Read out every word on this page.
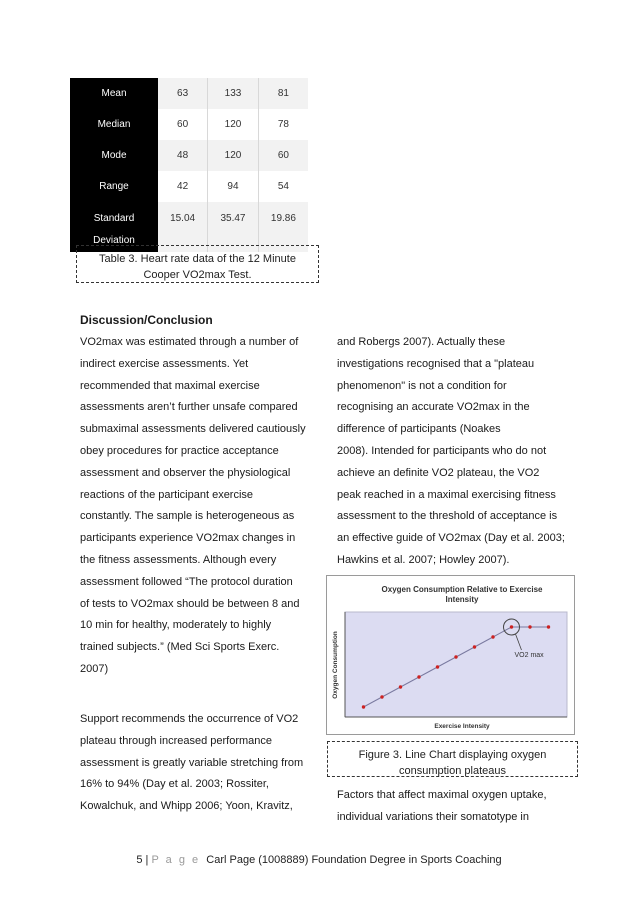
Mean	63	133	81
Median	60	120	78
Mode	48	120	60
Range	42	94	54
Standard
Deviation	15.04	35.47	19.86
Table 3. Heart rate data of the 12 Minute
Cooper VO2max Test.
Discussion/Conclusion
VO2max was estimated through a number of
indirect exercise assessments. Yet
recommended that maximal exercise
assessments aren’t further unsafe compared
submaximal assessments delivered cautiously
obey procedures for practice acceptance
assessment and observer the physiological
reactions of the participant exercise
constantly. The sample is heterogeneous as
participants experience VO2max changes in
the fitness assessments. Although every
assessment followed “The protocol duration
of tests to VO2max should be between 8 and
10 min for healthy, moderately to highly
trained subjects.” (Med Sci Sports Exerc.
2007)
Support recommends the occurrence of VO2
plateau through increased performance
assessment is greatly variable stretching from
16% to 94% (Day et al. 2003; Rossiter,
Kowalchuk, and Whipp 2006; Yoon, Kravitz,
and Robergs 2007). Actually these
investigations recognised that a "plateau
phenomenon" is not a condition for
recognising an accurate VO2max in the
difference of participants (Noakes
2008). Intended for participants who do not
achieve an definite VO2 plateau, the VO2
peak reached in a maximal exercising fitness
assessment to the threshold of acceptance is
an effective guide of VO2max (Day et al. 2003;
Hawkins et al. 2007; Howley 2007).
Oxygen Consumption Relative to Exercise
Intensity
VO2 max
Exercise Intensity
Oxygen Consumption
Figure 3. Line Chart displaying oxygen
consumption plateaus
Factors that affect maximal oxygen uptake,
individual variations their somatotype in
5 | P a g e Carl Page (1008889) Foundation Degree in Sports Coaching
